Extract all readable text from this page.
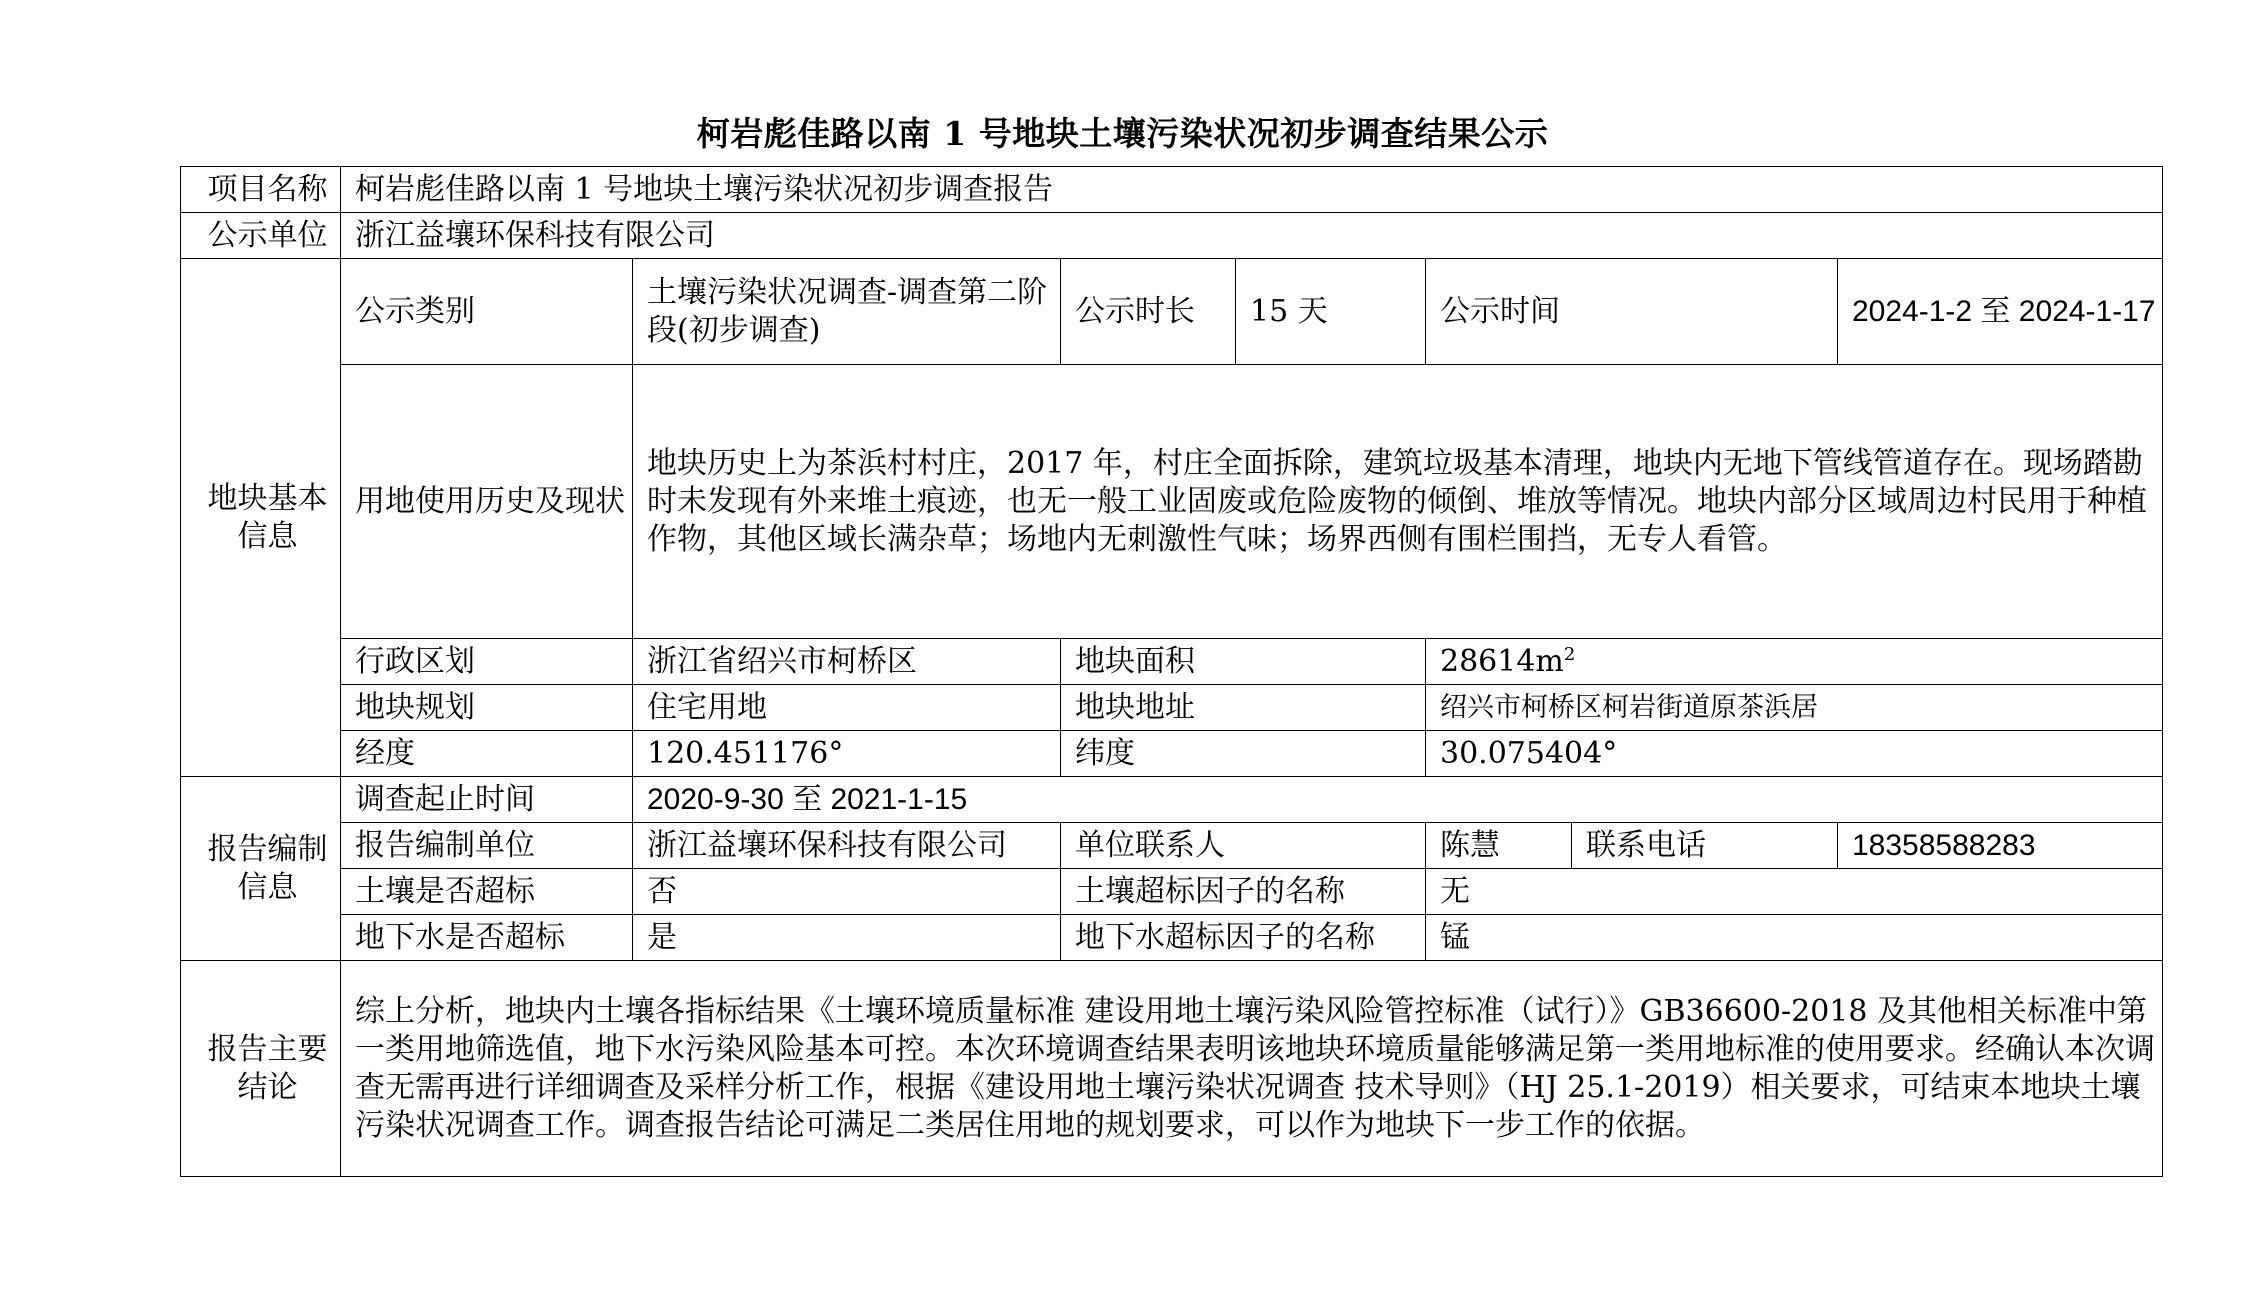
柯岩彪佳路以南 1 号地块土壤污染状况初步调查结果公示
项目名称	柯岩彪佳路以南 1 号地块土壤污染状况初步调查报告						
公示单位	浙江益壤环保科技有限公司						
地块基本信息	公示类别	土壤污染状况调查-调查第二阶段(初步调查)	公示时长	15 天	公示时间		2024-1-2 至 2024-1-17
	用地使用历史及现状	地块历史上为茶浜村村庄，2017 年，村庄全面拆除，建筑垃圾基本清理，地块内无地下管线管道存在。现场踏勘时未发现有外来堆土痕迹，也无一般工业固废或危险废物的倾倒、堆放等情况。地块内部分区域周边村民用于种植作物，其他区域长满杂草；场地内无刺激性气味；场界西侧有围栏围挡，无专人看管。					
	行政区划	浙江省绍兴市柯桥区	地块面积		$28614m^2$
	地块规划	住宅用地	地块地址		绍兴市柯桥区柯岩街道原茶浜居		
	经度	120.451176°	纬度		30.075404°		
报告编制信息	调查起止时间	2020-9-30 至 2021-1-15					
	报告编制单位	浙江益壤环保科技有限公司	单位联系人		陈慧	联系电话	18358588283
	土壤是否超标	否	土壤超标因子的名称		无		
	地下水是否超标	是	地下水超标因子的名称		锰		
报告主要结论	综上分析，地块内土壤各指标结果《土壤环境质量标准 建设用地土壤污染风险管控标准（试行）》GB36600-2018 及其他相关标准中第一类用地筛选值，地下水污染风险基本可控。本次环境调查结果表明该地块环境质量能够满足第一类用地标准的使用要求。经确认本次调查无需再进行详细调查及采样分析工作，根据《建设用地土壤污染状况调查 技术导则》（HJ 25.1-2019）相关要求，可结束本地块土壤污染状况调查工作。调查报告结论可满足二类居住用地的规划要求，可以作为地块下一步工作的依据。						
